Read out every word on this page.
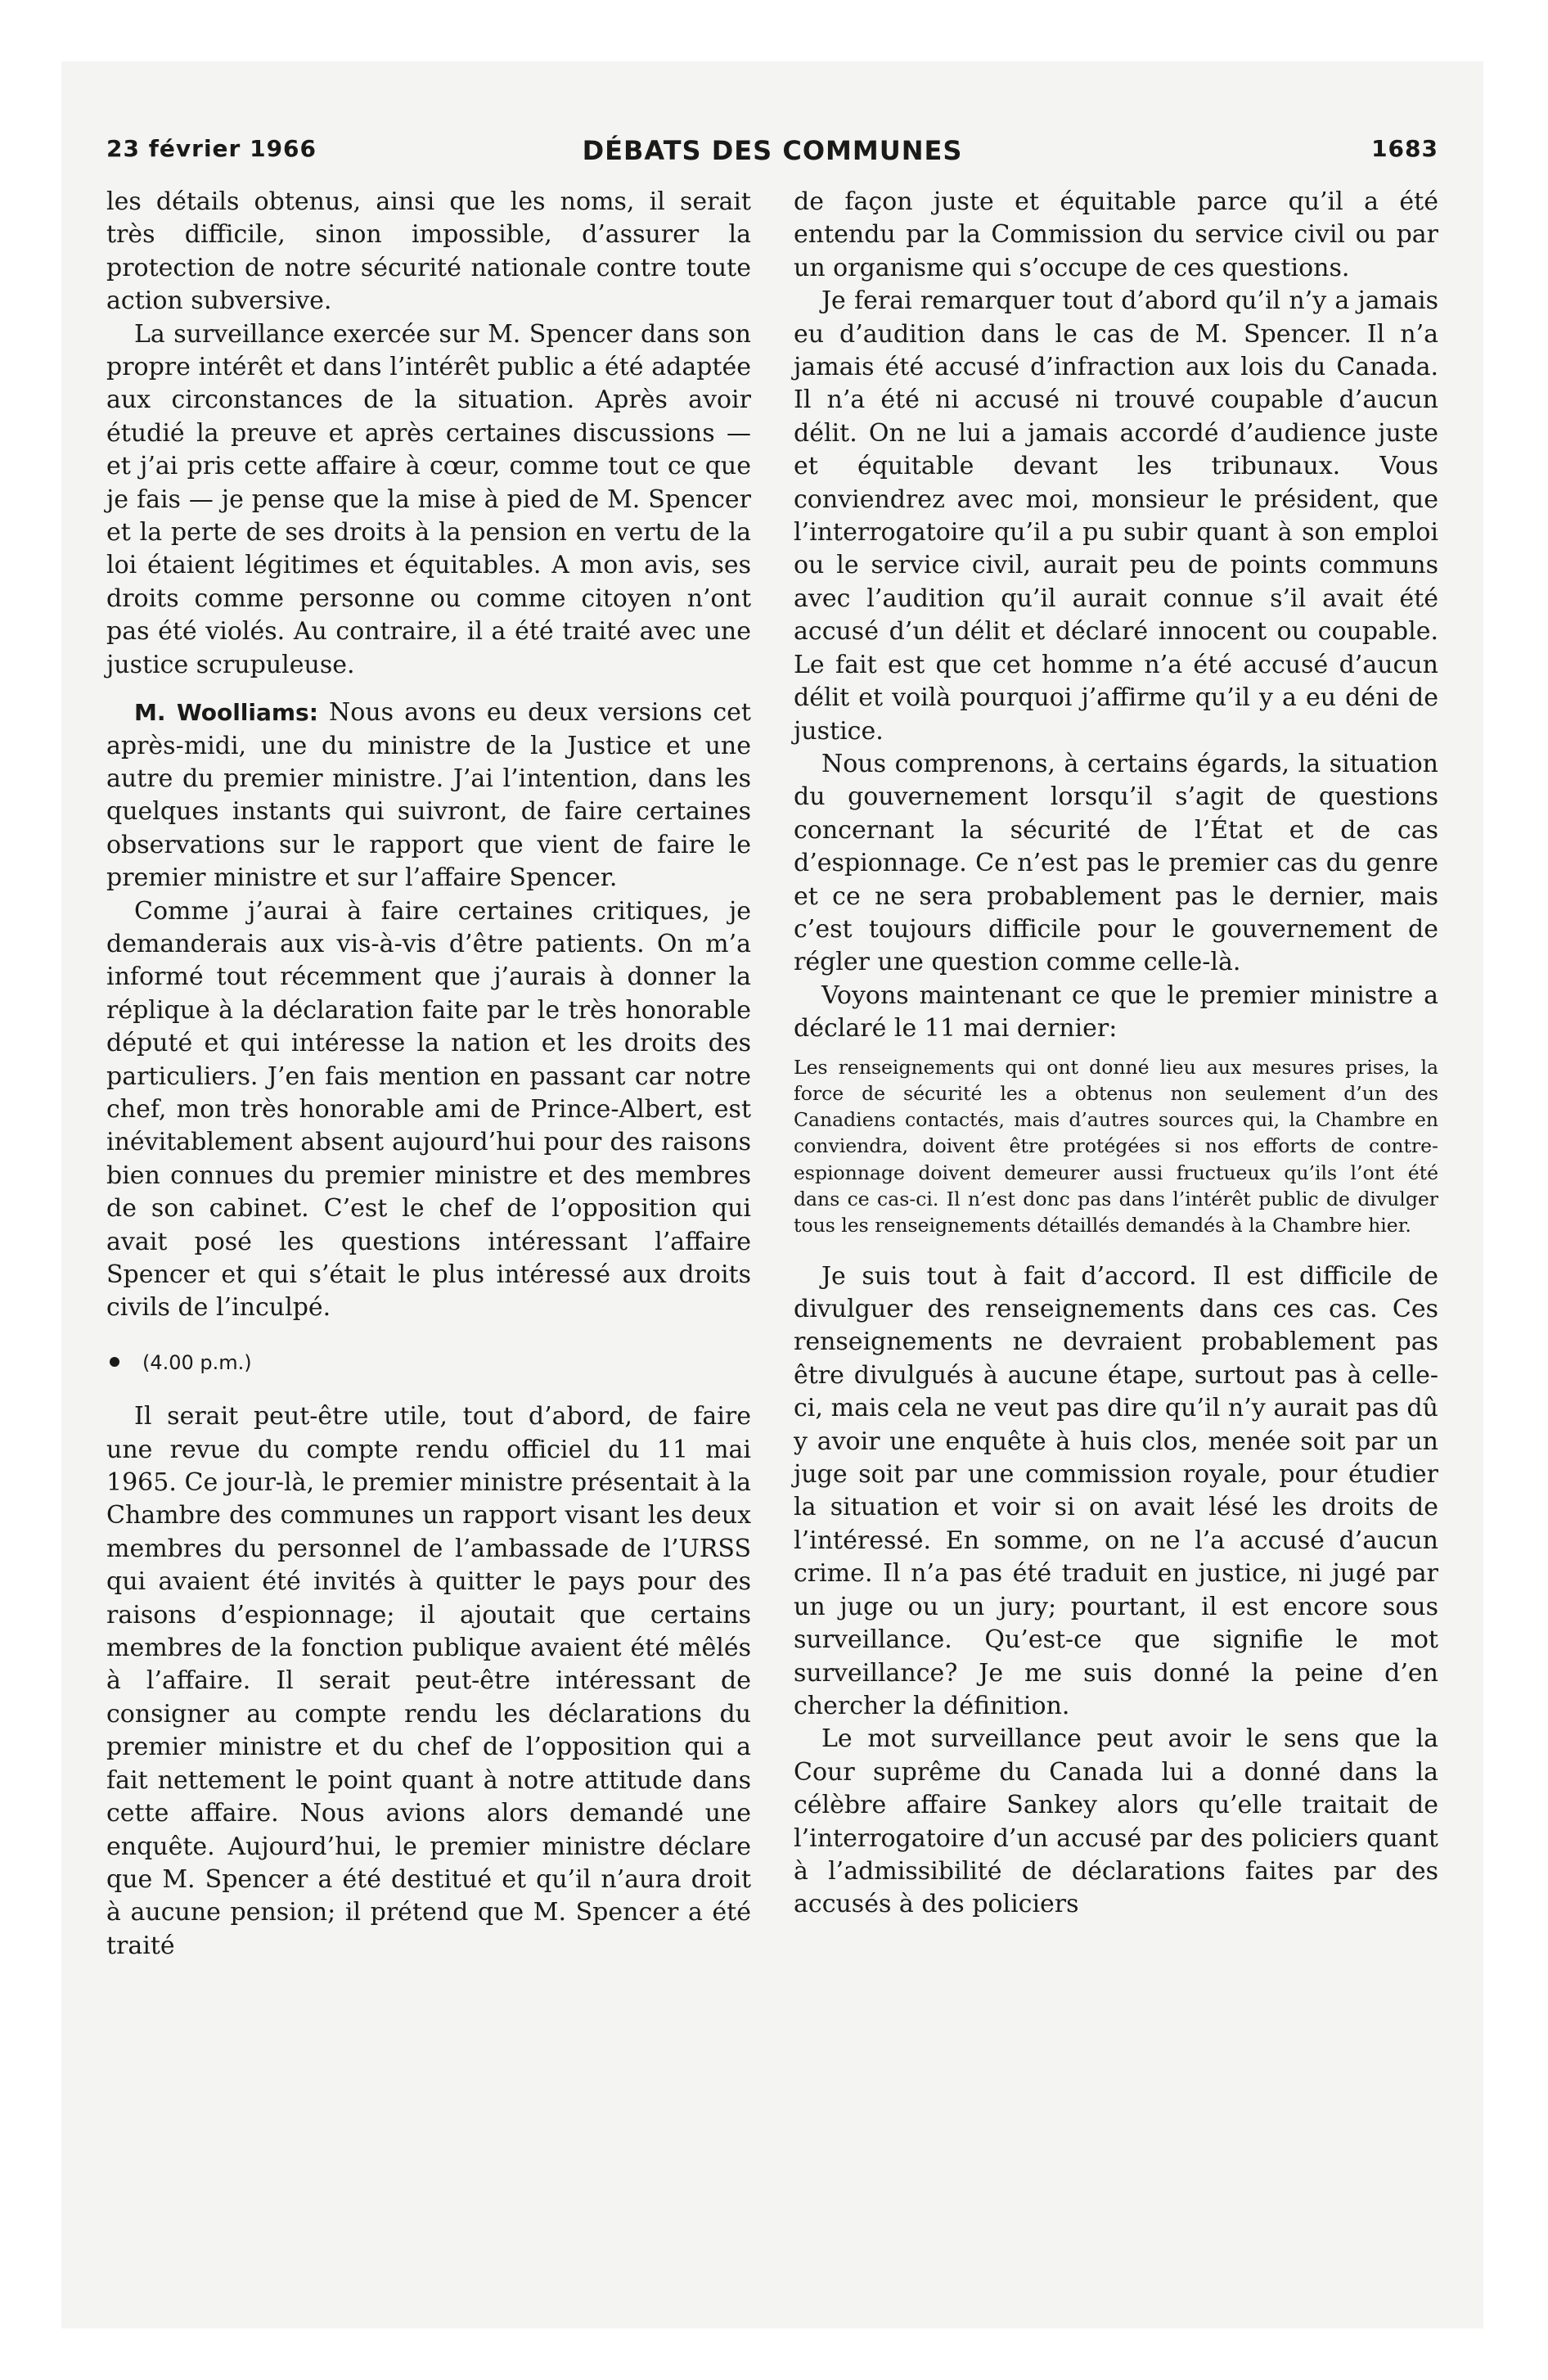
23 février 1966	DÉBATS DES COMMUNES	1683

les détails obtenus, ainsi que les noms, il serait très difficile, sinon impossible, d’assurer la protection de notre sécurité nationale contre toute action subversive.

La surveillance exercée sur M. Spencer dans son propre intérêt et dans l’intérêt public a été adaptée aux circonstances de la situation. Après avoir étudié la preuve et après certaines discussions — et j’ai pris cette affaire à cœur, comme tout ce que je fais — je pense que la mise à pied de M. Spencer et la perte de ses droits à la pension en vertu de la loi étaient légitimes et équitables. A mon avis, ses droits comme personne ou comme citoyen n’ont pas été violés. Au contraire, il a été traité avec une justice scrupuleuse.

M. Woolliams: Nous avons eu deux versions cet après-midi, une du ministre de la Justice et une autre du premier ministre. J’ai l’intention, dans les quelques instants qui suivront, de faire certaines observations sur le rapport que vient de faire le premier ministre et sur l’affaire Spencer.

Comme j’aurai à faire certaines critiques, je demanderais aux vis-à-vis d’être patients. On m’a informé tout récemment que j’aurais à donner la réplique à la déclaration faite par le très honorable député et qui intéresse la nation et les droits des particuliers. J’en fais mention en passant car notre chef, mon très honorable ami de Prince-Albert, est inévitablement absent aujourd’hui pour des raisons bien connues du premier ministre et des membres de son cabinet. C’est le chef de l’opposition qui avait posé les questions intéressant l’affaire Spencer et qui s’était le plus intéressé aux droits civils de l’inculpé.

(4.00 p.m.)

Il serait peut-être utile, tout d’abord, de faire une revue du compte rendu officiel du 11 mai 1965. Ce jour-là, le premier ministre présentait à la Chambre des communes un rapport visant les deux membres du personnel de l’ambassade de l’URSS qui avaient été invités à quitter le pays pour des raisons d’espionnage; il ajoutait que certains membres de la fonction publique avaient été mêlés à l’affaire. Il serait peut-être intéressant de consigner au compte rendu les déclarations du premier ministre et du chef de l’opposition qui a fait nettement le point quant à notre attitude dans cette affaire. Nous avions alors demandé une enquête. Aujourd’hui, le premier ministre déclare que M. Spencer a été destitué et qu’il n’aura droit à aucune pension; il prétend que M. Spencer a été traité

de façon juste et équitable parce qu’il a été entendu par la Commission du service civil ou par un organisme qui s’occupe de ces questions.

Je ferai remarquer tout d’abord qu’il n’y a jamais eu d’audition dans le cas de M. Spencer. Il n’a jamais été accusé d’infraction aux lois du Canada. Il n’a été ni accusé ni trouvé coupable d’aucun délit. On ne lui a jamais accordé d’audience juste et équitable devant les tribunaux. Vous conviendrez avec moi, monsieur le président, que l’interrogatoire qu’il a pu subir quant à son emploi ou le service civil, aurait peu de points communs avec l’audition qu’il aurait connue s’il avait été accusé d’un délit et déclaré innocent ou coupable. Le fait est que cet homme n’a été accusé d’aucun délit et voilà pourquoi j’affirme qu’il y a eu déni de justice.

Nous comprenons, à certains égards, la situation du gouvernement lorsqu’il s’agit de questions concernant la sécurité de l’État et de cas d’espionnage. Ce n’est pas le premier cas du genre et ce ne sera probablement pas le dernier, mais c’est toujours difficile pour le gouvernement de régler une question comme celle-là.

Voyons maintenant ce que le premier ministre a déclaré le 11 mai dernier:

Les renseignements qui ont donné lieu aux mesures prises, la force de sécurité les a obtenus non seulement d’un des Canadiens contactés, mais d’autres sources qui, la Chambre en conviendra, doivent être protégées si nos efforts de contre-espionnage doivent demeurer aussi fructueux qu’ils l’ont été dans ce cas-ci. Il n’est donc pas dans l’intérêt public de divulger tous les renseignements détaillés demandés à la Chambre hier.

Je suis tout à fait d’accord. Il est difficile de divulguer des renseignements dans ces cas. Ces renseignements ne devraient probablement pas être divulgués à aucune étape, surtout pas à celle-ci, mais cela ne veut pas dire qu’il n’y aurait pas dû y avoir une enquête à huis clos, menée soit par un juge soit par une commission royale, pour étudier la situation et voir si on avait lésé les droits de l’intéressé. En somme, on ne l’a accusé d’aucun crime. Il n’a pas été traduit en justice, ni jugé par un juge ou un jury; pourtant, il est encore sous surveillance. Qu’est-ce que signifie le mot surveillance? Je me suis donné la peine d’en chercher la définition.

Le mot surveillance peut avoir le sens que la Cour suprême du Canada lui a donné dans la célèbre affaire Sankey alors qu’elle traitait de l’interrogatoire d’un accusé par des policiers quant à l’admissibilité de déclarations faites par des accusés à des policiers
